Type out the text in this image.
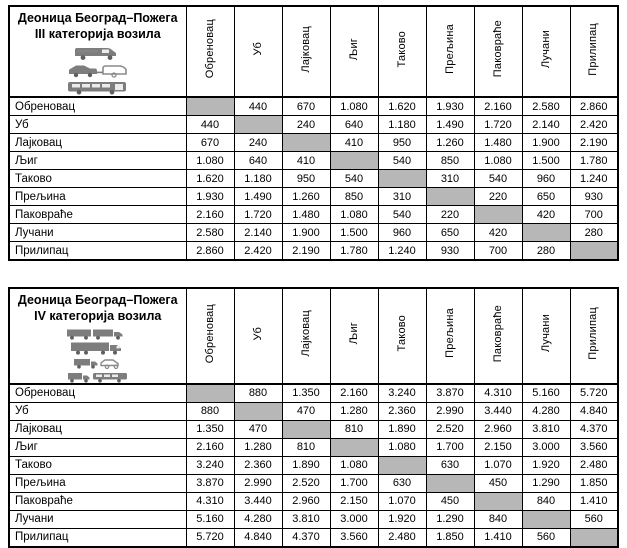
Деоница Београд–Пожега
III категорија возила	Обреновац	Уб	Лајковац	Љиг	Таково	Прељина	Паковраће	Лучани	Прилипац
Обреновац		440	670	1.080	1.620	1.930	2.160	2.580	2.860
Уб	440		240	640	1.180	1.490	1.720	2.140	2.420
Лајковац	670	240		410	950	1.260	1.480	1.900	2.190
Љиг	1.080	640	410		540	850	1.080	1.500	1.780
Таково	1.620	1.180	950	540		310	540	960	1.240
Прељина	1.930	1.490	1.260	850	310		220	650	930
Паковраће	2.160	1.720	1.480	1.080	540	220		420	700
Лучани	2.580	2.140	1.900	1.500	960	650	420		280
Прилипац	2.860	2.420	2.190	1.780	1.240	930	700	280	
Деоница Београд–Пожега
IV категорија возила	Обреновац	Уб	Лајковац	Љиг	Таково	Прељина	Паковраће	Лучани	Прилипац
Обреновац		880	1.350	2.160	3.240	3.870	4.310	5.160	5.720
Уб	880		470	1.280	2.360	2.990	3.440	4.280	4.840
Лајковац	1.350	470		810	1.890	2.520	2.960	3.810	4.370
Љиг	2.160	1.280	810		1.080	1.700	2.150	3.000	3.560
Таково	3.240	2.360	1.890	1.080		630	1.070	1.920	2.480
Прељина	3.870	2.990	2.520	1.700	630		450	1.290	1.850
Паковраће	4.310	3.440	2.960	2.150	1.070	450		840	1.410
Лучани	5.160	4.280	3.810	3.000	1.920	1.290	840		560
Прилипац	5.720	4.840	4.370	3.560	2.480	1.850	1.410	560	
